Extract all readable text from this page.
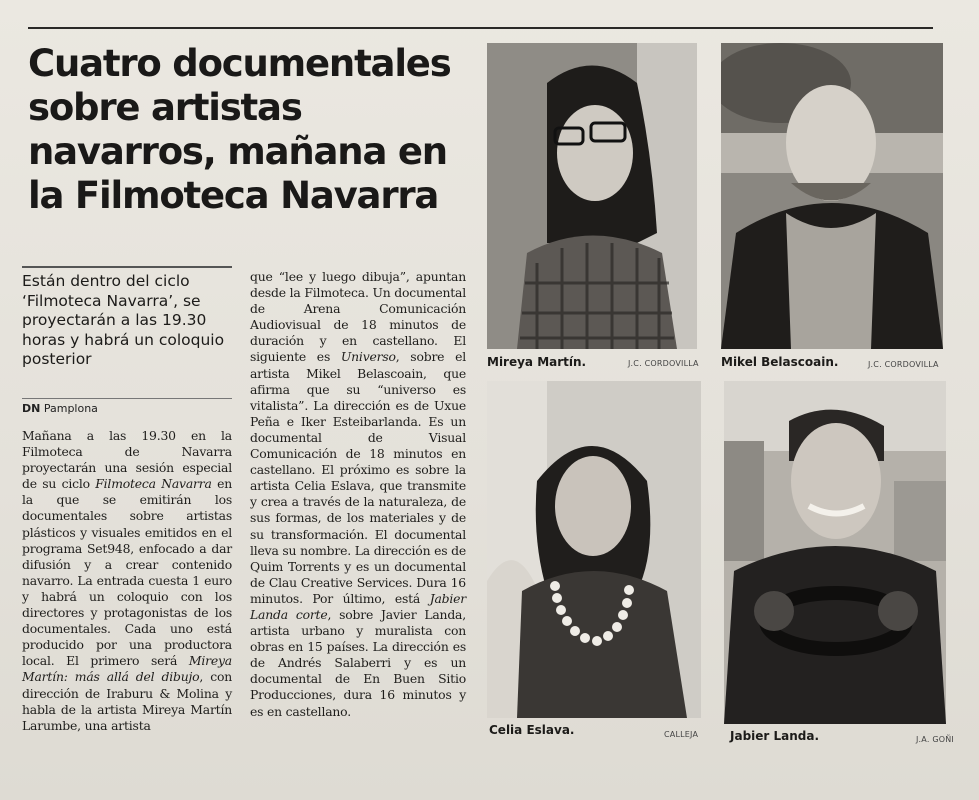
Cuatro documentales sobre artistas navarros, mañana en la Filmoteca Navarra
Están dentro del ciclo ‘Filmoteca Navarra’, se proyectarán a las 19.30 horas y habrá un coloquio posterior
DN Pamplona

Mañana a las 19.30 en la Filmoteca de Navarra proyectarán una sesión especial de su ciclo Filmoteca Navarra en la que se emitirán los documentales sobre artistas plásticos y visuales emitidos en el programa Set948, enfocado a dar difusión y a crear contenido navarro. La entrada cuesta 1 euro y habrá un coloquio con los directores y protagonistas de los documentales. Cada uno está producido por una productora local. El primero será Mireya Martín: más allá del dibujo, con dirección de Iraburu & Molina y habla de la artista Mireya Martín Larumbe, una artista

que “lee y luego dibuja”, apuntan desde la Filmoteca. Un documental de Arena Comunicación Audiovisual de 18 minutos de duración y en castellano. El siguiente es Universo, sobre el artista Mikel Belascoain, que afirma que su “universo es vitalista”. La dirección es de Uxue Peña e Iker Esteibarlanda. Es un documental de Visual Comunicación de 18 minutos en castellano. El próximo es sobre la artista Celia Eslava, que transmite y crea a través de la naturaleza, de sus formas, de los materiales y de su transformación. El documental lleva su nombre. La dirección es de Quim Torrents y es un documental de Clau Creative Services. Dura 16 minutos. Por último, está Jabier Landa corte, sobre Javier Landa, artista urbano y muralista con obras en 15 países. La dirección es de Andrés Salaberri y es un documental de En Buen Sitio Producciones, dura 16 minutos y es en castellano.

Mireya Martín.	J.C. CORDOVILLA Mikel Belascoain.	J.C. CORDOVILLA
Celia Eslava.	CALLEJA	Jabier Landa.	J.A. GOÑI
